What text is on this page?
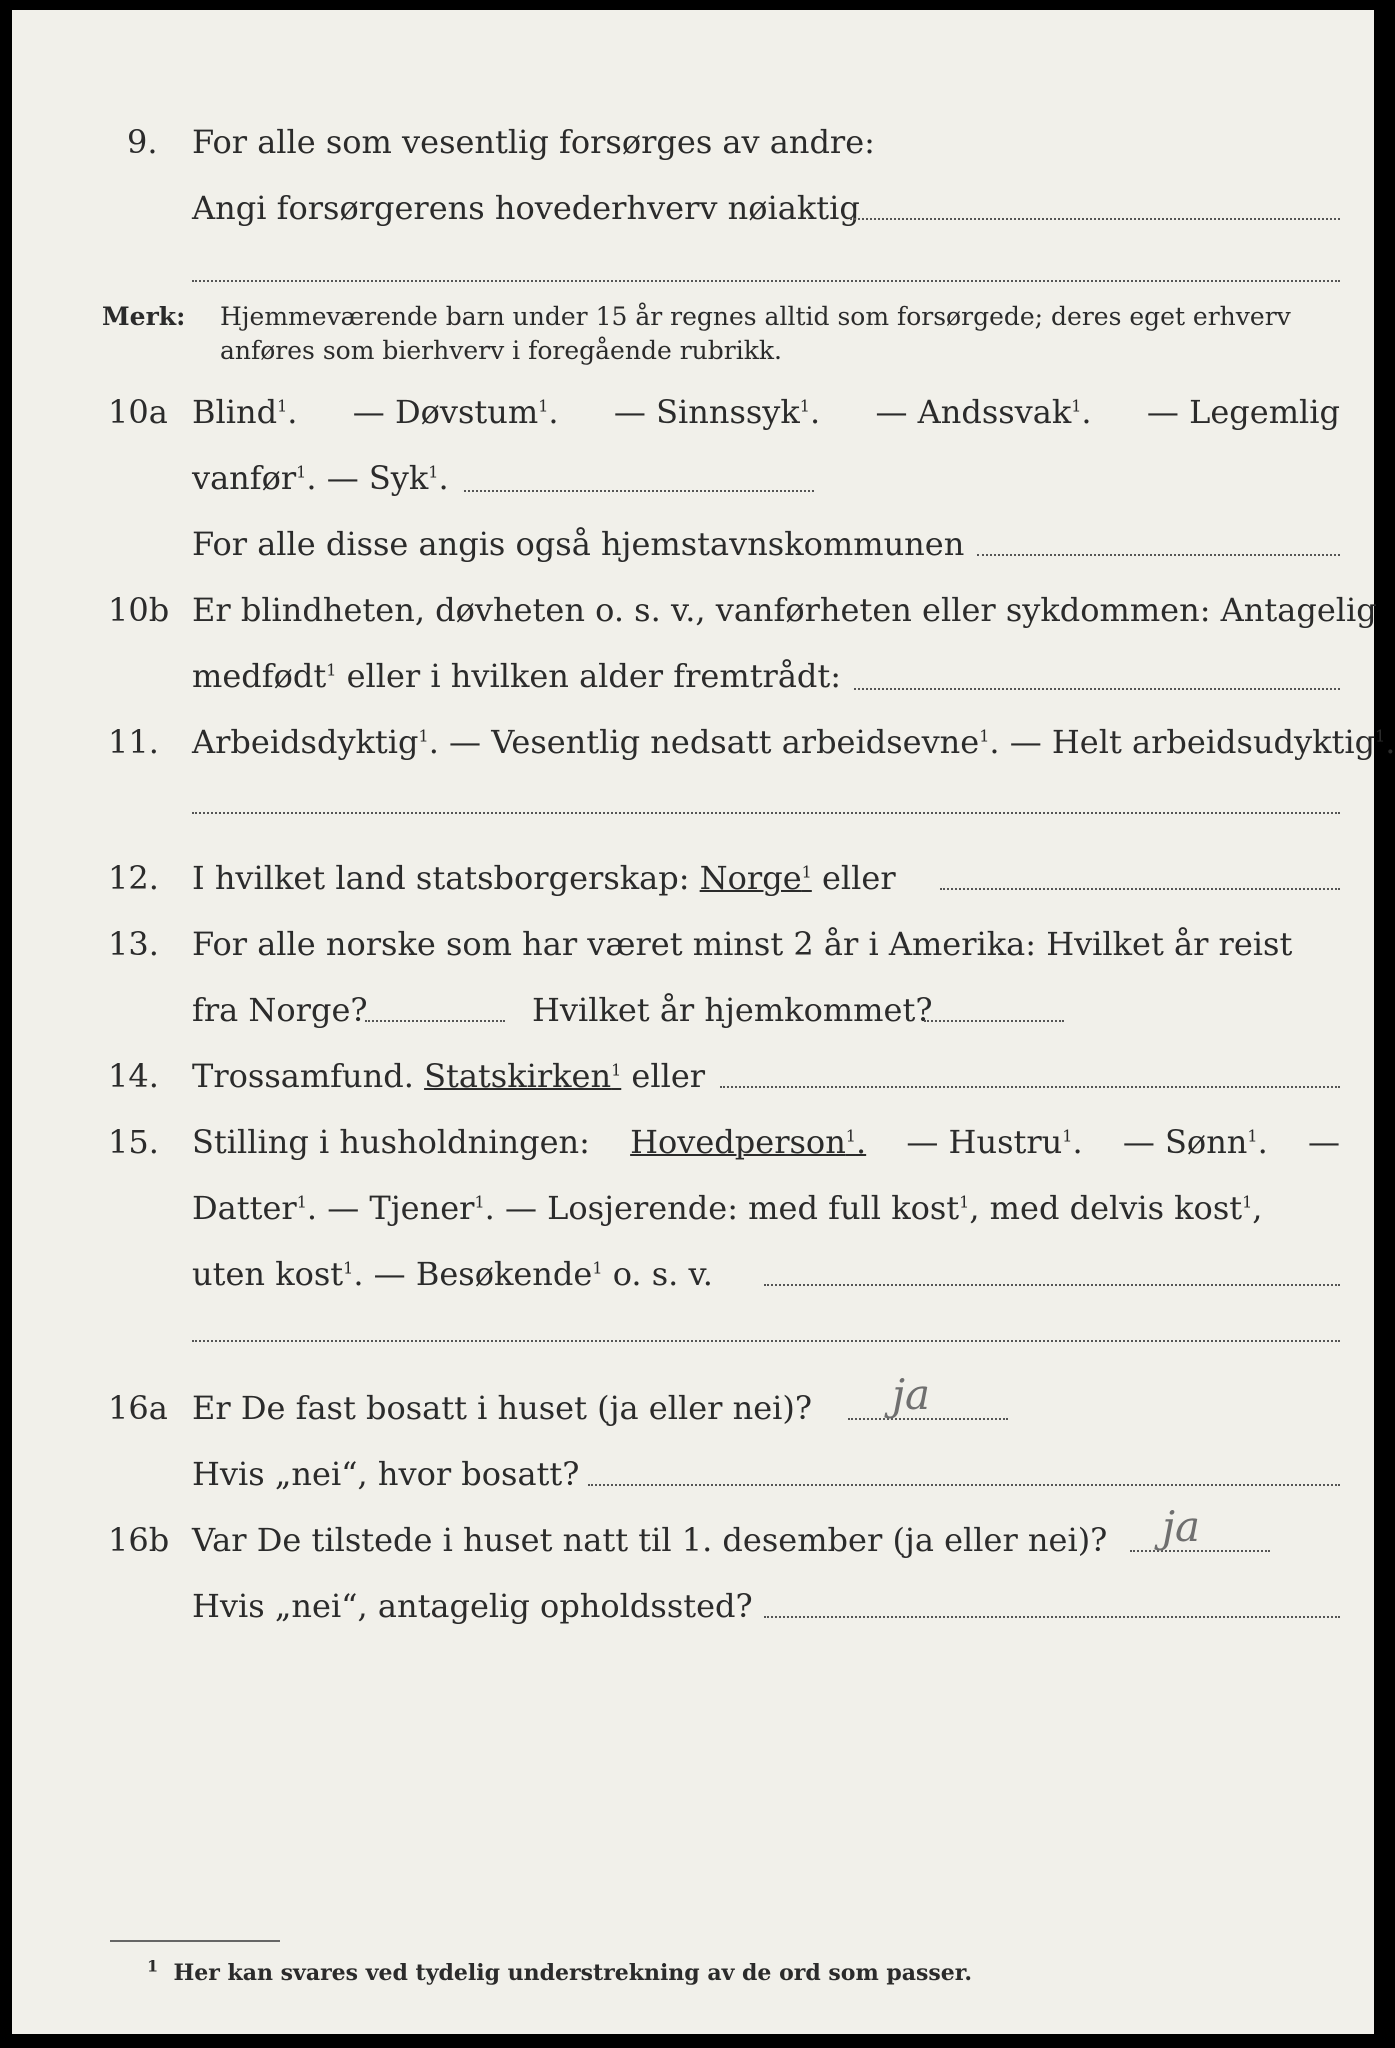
9. For alle som vesentlig forsørges av andre:
Angi forsørgerens hovederhverv nøiaktig
Merk: Hjemmeværende barn under 15 år regnes alltid som forsørgede; deres eget erhverv
anføres som bierhverv i foregående rubrikk.
10a Blind$^1$. — Døvstum$^1$. — Sinnssyk$^1$. — Andssvak$^1$. — Legemlig
vanfør$^1$. — Syk$^1$.
For alle disse angis også hjemstavnskommunen
10b Er blindheten, døvheten o. s. v., vanførheten eller sykdommen: Antagelig
medfødt$^1$ eller i hvilken alder fremtrådt:
11. Arbeidsdyktig$^1$. — Vesentlig nedsatt arbeidsevne$^1$. — Helt arbeidsudyktig$^1$.
12. I hvilket land statsborgerskap: Norge$^1$ eller
13. For alle norske som har været minst 2 år i Amerika: Hvilket år reist
fra Norge?	Hvilket år hjemkommet?
14. Trossamfund. Statskirken$^1$ eller
15. Stilling i husholdningen: Hovedperson$^1$. — Hustru$^1$. — Sønn$^1$. —
Datter$^1$. — Tjener$^1$. — Losjerende: med full kost$^1$, med delvis kost$^1$,
uten kost$^1$. — Besøkende$^1$ o. s. v.
16a Er De fast bosatt i huset (ja eller nei)? ja
Hvis „nei“, hvor bosatt?
16b Var De tilstede i huset natt til 1. desember (ja eller nei)? ja
Hvis „nei“, antagelig opholdssted?
$^1$ Her kan svares ved tydelig understrekning av de ord som passer.
